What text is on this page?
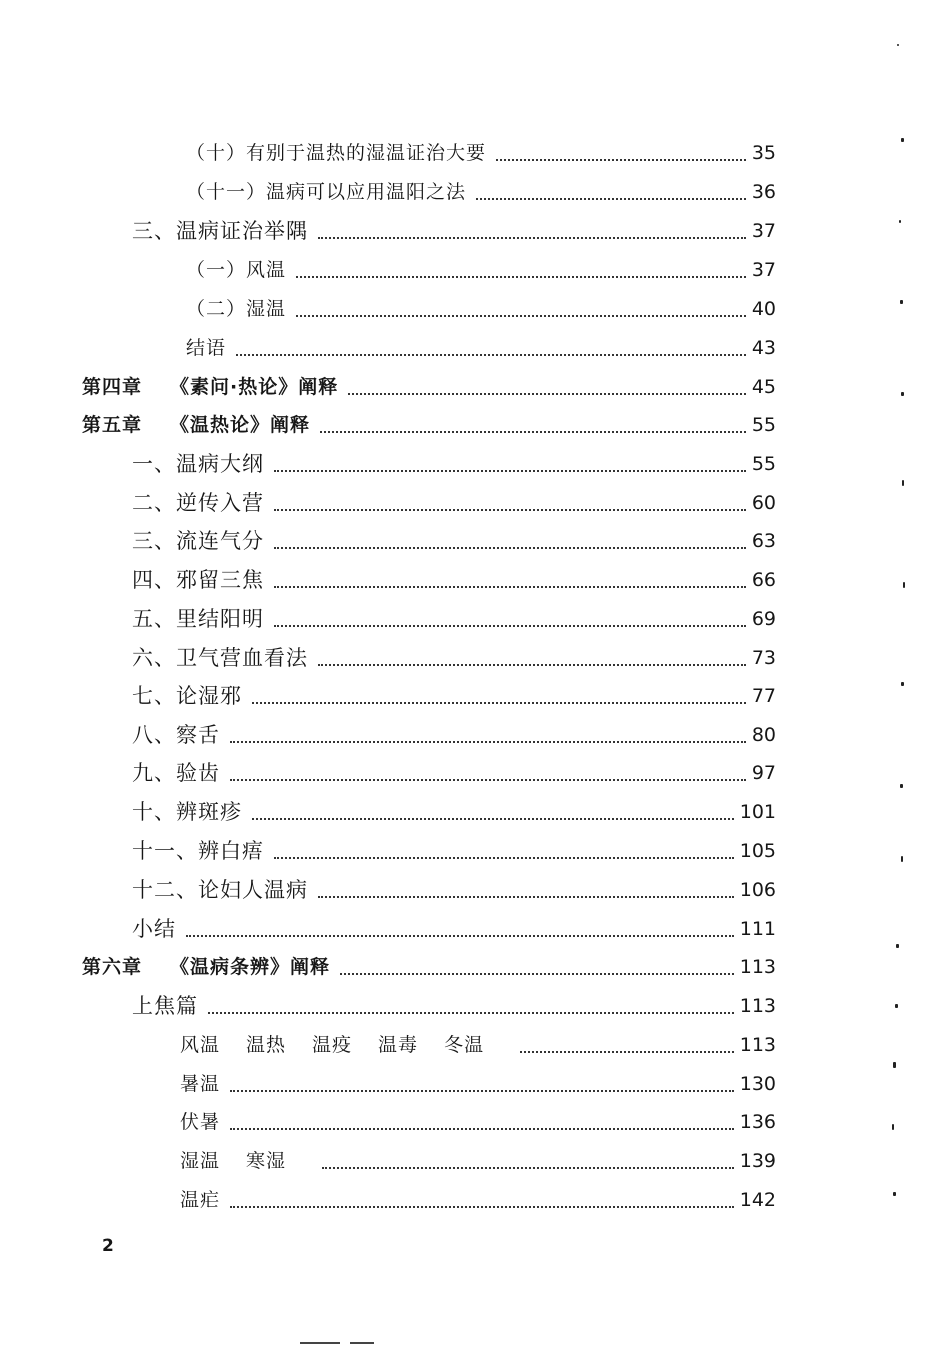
（十）有别于温热的湿温证治大要	35
（十一）温病可以应用温阳之法	36
三、温病证治举隅	37
（一）风温	37
（二）湿温	40
结语	43
第四章 《素问·热论》阐释	45
第五章 《温热论》阐释	55
一、温病大纲	55
二、逆传入营	60
三、流连气分	63
四、邪留三焦	66
五、里结阳明	69
六、卫气营血看法	73
七、论湿邪	77
八、察舌	80
九、验齿	97
十、辨斑疹	101
十一、辨白痦	105
十二、论妇人温病	106
小结	111
第六章 《温病条辨》阐释	113
上焦篇	113
风温 温热 温疫 温毒 冬温	113
暑温	130
伏暑	136
湿温 寒湿	139
温疟	142
2
